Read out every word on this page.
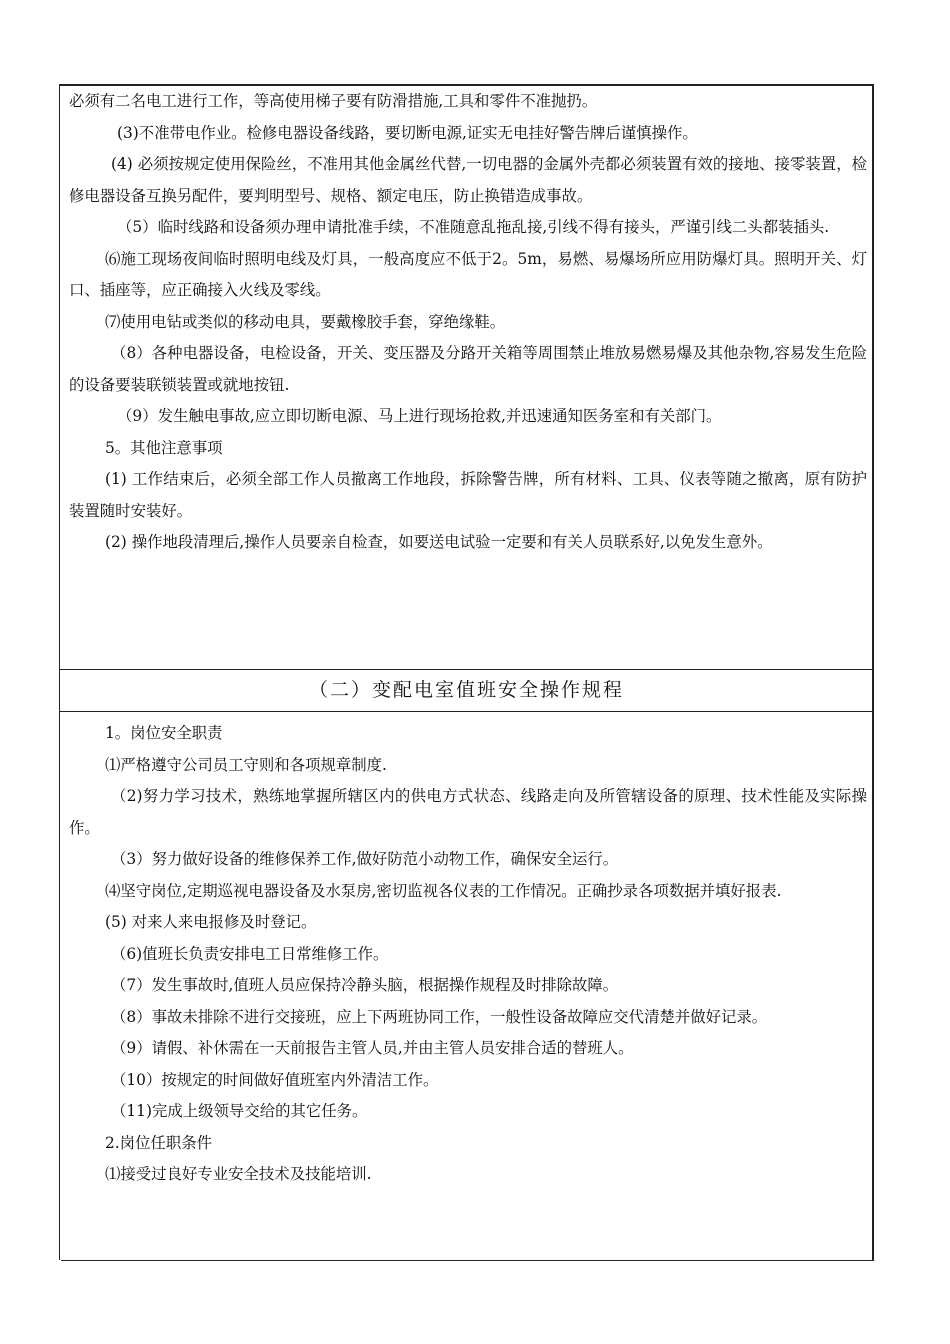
必须有二名电工进行工作，等高使用梯子要有防滑措施,工具和零件不准抛扔。

(3)不准带电作业。检修电器设备线路，要切断电源,证实无电挂好警告牌后谨慎操作。

(4) 必须按规定使用保险丝，不准用其他金属丝代替,一切电器的金属外壳都必须装置有效的接地、接零装置，检修电器设备互换另配件，要判明型号、规格、额定电压，防止换错造成事故。

（5）临时线路和设备须办理申请批准手续，不准随意乱拖乱接,引线不得有接头，严谨引线二头都装插头.

⑹施工现场夜间临时照明电线及灯具，一般高度应不低于2。5m，易燃、易爆场所应用防爆灯具。照明开关、灯口、插座等，应正确接入火线及零线。

⑺使用电钻或类似的移动电具，要戴橡胶手套，穿绝缘鞋。

（8）各种电器设备，电检设备，开关、变压器及分路开关箱等周围禁止堆放易燃易爆及其他杂物,容易发生危险的设备要装联锁装置或就地按钮.

（9）发生触电事故,应立即切断电源、马上进行现场抢救,并迅速通知医务室和有关部门。

5。其他注意事项

(1) 工作结束后，必须全部工作人员撤离工作地段，拆除警告牌，所有材料、工具、仪表等随之撤离，原有防护装置随时安装好。

(2) 操作地段清理后,操作人员要亲自检查，如要送电试验一定要和有关人员联系好,以免发生意外。

（二）变配电室值班安全操作规程

1。岗位安全职责

⑴严格遵守公司员工守则和各项规章制度.

（2)努力学习技术，熟练地掌握所辖区内的供电方式状态、线路走向及所管辖设备的原理、技术性能及实际操作。

（3）努力做好设备的维修保养工作,做好防范小动物工作，确保安全运行。

⑷坚守岗位,定期巡视电器设备及水泵房,密切监视各仪表的工作情况。正确抄录各项数据并填好报表.

(5) 对来人来电报修及时登记。

（6)值班长负责安排电工日常维修工作。

（7）发生事故时,值班人员应保持冷静头脑，根据操作规程及时排除故障。

（8）事故未排除不进行交接班，应上下两班协同工作，一般性设备故障应交代清楚并做好记录。

（9）请假、补休需在一天前报告主管人员,并由主管人员安排合适的替班人。

（10）按规定的时间做好值班室内外清洁工作。

（11)完成上级领导交给的其它任务。

2.岗位任职条件

⑴接受过良好专业安全技术及技能培训.
